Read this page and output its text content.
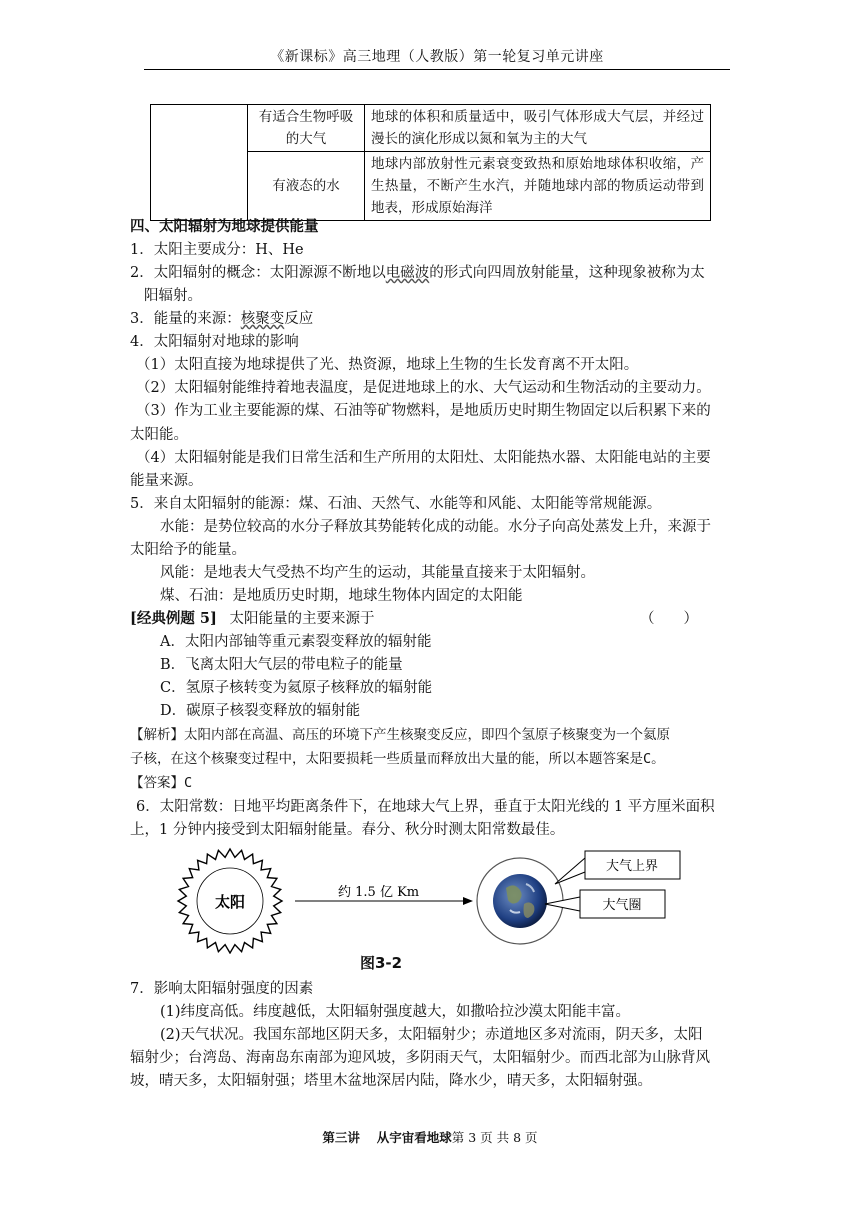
《新课标》高三地理（人教版）第一轮复习单元讲座
	有适合生物呼吸的大气	地球的体积和质量适中，吸引气体形成大气层，并经过漫长的演化形成以氮和氧为主的大气
	有液态的水	地球内部放射性元素衰变致热和原始地球体积收缩，产生热量，不断产生水汽，并随地球内部的物质运动带到地表，形成原始海洋
四、太阳辐射为地球提供能量
1．太阳主要成分：H、He
2．太阳辐射的概念：太阳源源不断地以电磁波的形式向四周放射能量，这种现象被称为太
阳辐射。
3．能量的来源：核聚变反应
4．太阳辐射对地球的影响
（1）太阳直接为地球提供了光、热资源，地球上生物的生长发育离不开太阳。
（2）太阳辐射能维持着地表温度，是促进地球上的水、大气运动和生物活动的主要动力。
（3）作为工业主要能源的煤、石油等矿物燃料，是地质历史时期生物固定以后积累下来的
太阳能。
（4）太阳辐射能是我们日常生活和生产所用的太阳灶、太阳能热水器、太阳能电站的主要
能量来源。
5．来自太阳辐射的能源：煤、石油、天然气、水能等和风能、太阳能等常规能源。
水能：是势位较高的水分子释放其势能转化成的动能。水分子向高处蒸发上升，来源于
太阳给予的能量。
风能：是地表大气受热不均产生的运动，其能量直接来于太阳辐射。
煤、石油：是地质历史时期，地球生物体内固定的太阳能
[经典例题 5] 太阳能量的主要来源于	（　　）
A．太阳内部铀等重元素裂变释放的辐射能
B．飞离太阳大气层的带电粒子的能量
C．氢原子核转变为氦原子核释放的辐射能
D．碳原子核裂变释放的辐射能
【解析】太阳内部在高温、高压的环境下产生核聚变反应，即四个氢原子核聚变为一个氦原
子核，在这个核聚变过程中，太阳要损耗一些质量而释放出大量的能，所以本题答案是C。
【答案】C
6．太阳常数：日地平均距离条件下，在地球大气上界，垂直于太阳光线的 1 平方厘米面积
上，1 分钟内接受到太阳辐射能量。春分、秋分时测太阳常数最佳。
太阳
约 1.5 亿 Km
大气上界
大气圈
图3-2
7．影响太阳辐射强度的因素
(1)纬度高低。纬度越低，太阳辐射强度越大，如撒哈拉沙漠太阳能丰富。
(2)天气状况。我国东部地区阴天多，太阳辐射少；赤道地区多对流雨，阴天多，太阳
辐射少；台湾岛、海南岛东南部为迎风坡，多阴雨天气，太阳辐射少。而西北部为山脉背风
坡，晴天多，太阳辐射强；塔里木盆地深居内陆，降水少，晴天多，太阳辐射强。
第三讲　 从宇宙看地球第 3 页 共 8 页
